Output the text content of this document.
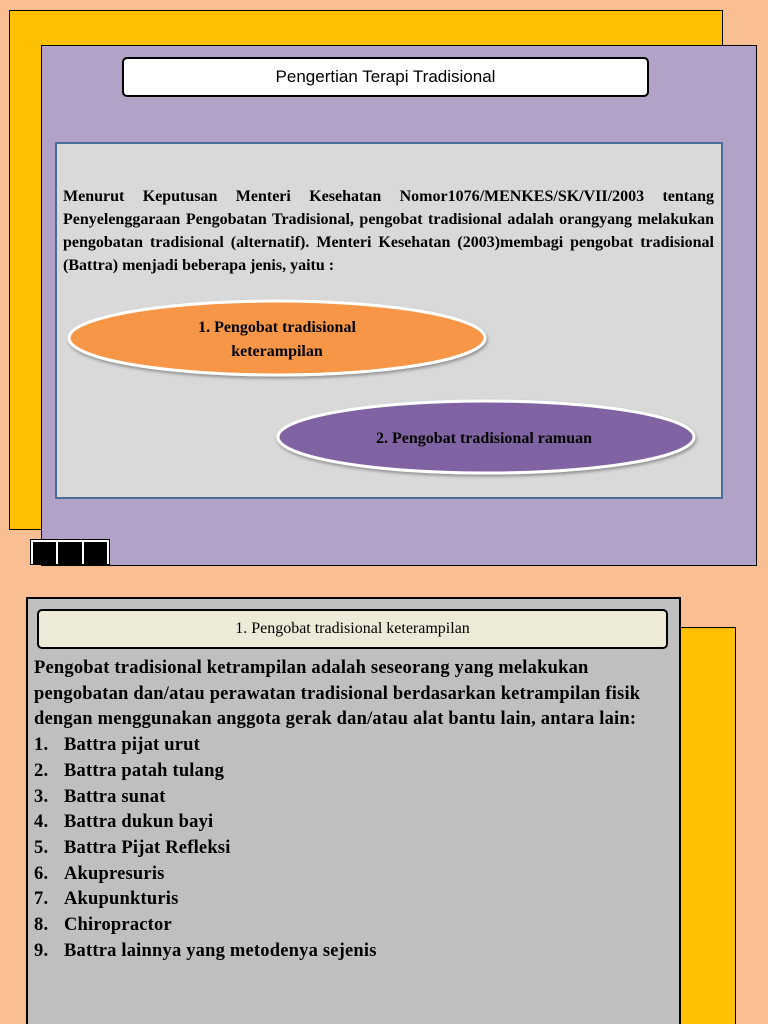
Pengertian Terapi Tradisional
Menurut Keputusan Menteri Kesehatan Nomor1076/MENKES/SK/VII/2003 tentang Penyelenggaraan Pengobatan Tradisional, pengobat tradisional adalah orangyang melakukan pengobatan tradisional (alternatif). Menteri Kesehatan (2003)membagi pengobat tradisional (Battra) menjadi beberapa jenis, yaitu :
1. Pengobat tradisional
keterampilan
2. Pengobat tradisional ramuan
1. Pengobat tradisional keterampilan
Pengobat tradisional ketrampilan adalah seseorang yang melakukan pengobatan dan/atau perawatan tradisional berdasarkan ketrampilan fisik dengan menggunakan anggota gerak dan/atau alat bantu lain, antara lain:
1. Battra pijat urut
2. Battra patah tulang
3. Battra sunat
4. Battra dukun bayi
5. Battra Pijat Refleksi
6. Akupresuris
7. Akupunkturis
8. Chiropractor
9. Battra lainnya yang metodenya sejenis
